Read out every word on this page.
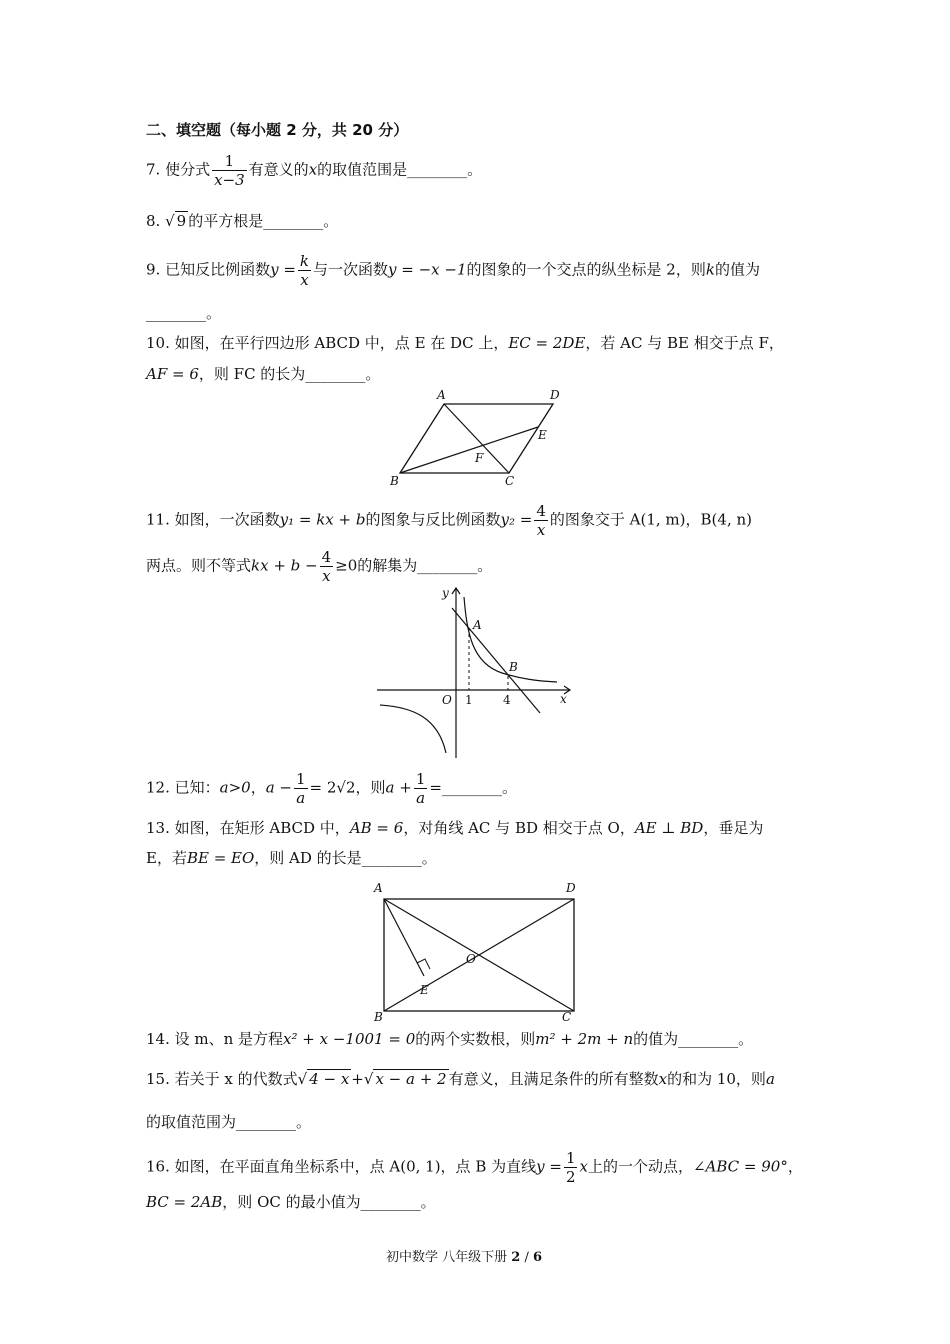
二、填空题（每小题 2 分，共 20 分）
7. 使分式 $\frac{1}{x-3}$ 有意义的x的取值范围是________。
8. √ 9 的平方根是________。
9. 已知反比例函数$y = \frac{k}{x}$ 与一次函数y = −x −1的图象的一个交点的纵坐标是 2，则k的值为
________。
10. 如图，在平行四边形 ABCD 中，点 E 在 DC 上，EC = 2DE，若 AC 与 BE 相交于点 F，
AF = 6，则 FC 的长为________。
A	D
E
F
B	C
11. 如图，一次函数y₁ = kx + b的图象与反比例函数$y_2 = \frac{4}{x}$ 的图象交于 A(1, m)，B(4, n)
两点。则不等式kx + $b - \frac{4}{x} \ge 0$的解集为________。
y
x
O
A
B
1	4
12. 已知：a>0，$a - \frac{1}{a} = 2√2$，则$a + \frac{1}{a}$ =________。
13. 如图，在矩形 ABCD 中，AB = 6，对角线 AC 与 BD 相交于点 O，AE ⊥ BD，垂足为
E，若BE = EO，则 AD 的长是________。
A	D
B	C
E
O
14. 设 m、n 是方程x² + x −1001 = 0的两个实数根，则m² + 2m + n的值为________。
15. 若关于 x 的代数式√ 4 − x +√ x − a + 2 有意义，且满足条件的所有整数x的和为 10，则a
的取值范围为________。
16. 如图，在平面直角坐标系中，点 A(0, 1)，点 B 为直线$y = \frac{1}{2}$ x上的一个动点，∠ABC = 90°，
BC = 2AB，则 OC 的最小值为________。
初中数学 八年级下册 2 / 6
